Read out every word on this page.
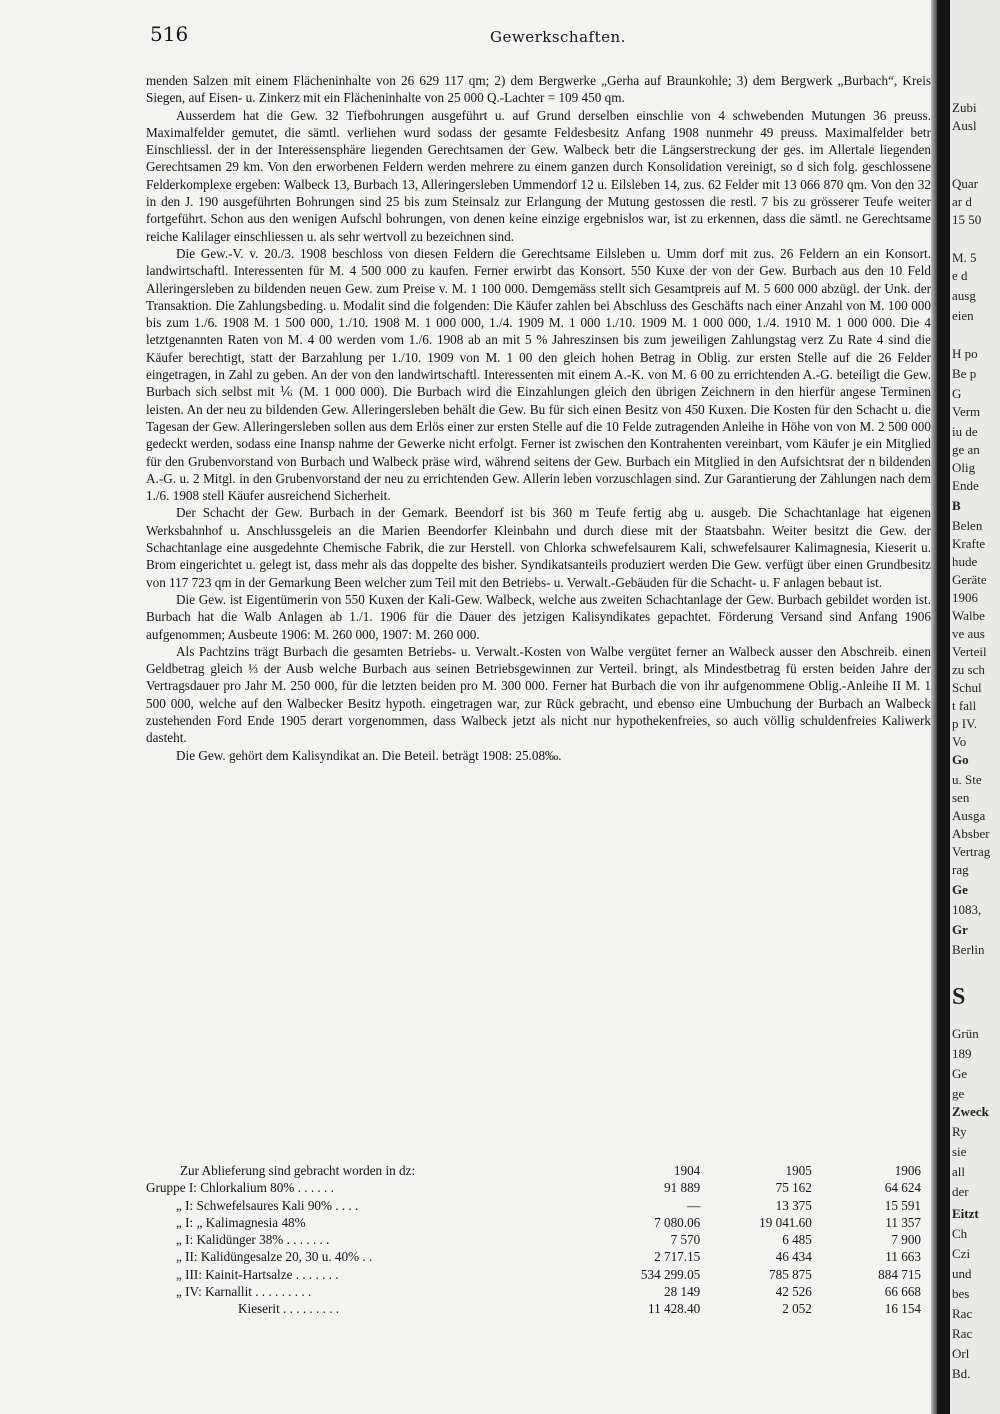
516	Gewerkschaften.

menden Salzen mit einem Flächeninhalte von 26 629 117 qm; 2) dem Bergwerke „Gerha auf Braunkohle; 3) dem Bergwerk „Burbach“, Kreis Siegen, auf Eisen- u. Zinkerz mit ein Flächeninhalte von 25 000 Q.-Lachter = 109 450 qm.

Ausserdem hat die Gew. 32 Tiefbohrungen ausgeführt u. auf Grund derselben einschlie von 4 schwebenden Mutungen 36 preuss. Maximalfelder gemutet, die sämtl. verliehen wurd sodass der gesamte Feldesbesitz Anfang 1908 nunmehr 49 preuss. Maximalfelder betr Einschliessl. der in der Interessensphäre liegenden Gerechtsamen der Gew. Walbeck betr die Längserstreckung der ges. im Allertale liegenden Gerechtsamen 29 km. Von den erworbenen Feldern werden mehrere zu einem ganzen durch Konsolidation vereinigt, so d sich folg. geschlossene Felderkomplexe ergeben: Walbeck 13, Burbach 13, Alleringersleben Ummendorf 12 u. Eilsleben 14, zus. 62 Felder mit 13 066 870 qm. Von den 32 in den J. 190 ausgeführten Bohrungen sind 25 bis zum Steinsalz zur Erlangung der Mutung gestossen die restl. 7 bis zu grösserer Teufe weiter fortgeführt. Schon aus den wenigen Aufschl bohrungen, von denen keine einzige ergebnislos war, ist zu erkennen, dass die sämtl. ne Gerechtsame reiche Kalilager einschliessen u. als sehr wertvoll zu bezeichnen sind.

Die Gew.-V. v. 20./3. 1908 beschloss von diesen Feldern die Gerechtsame Eilsleben u. Umm dorf mit zus. 26 Feldern an ein Konsort. landwirtschaftl. Interessenten für M. 4 500 000 zu kaufen. Ferner erwirbt das Konsort. 550 Kuxe der von der Gew. Burbach aus den 10 Feld Alleringersleben zu bildenden neuen Gew. zum Preise v. M. 1 100 000. Demgemäss stellt sich Gesamtpreis auf M. 5 600 000 abzügl. der Unk. der Transaktion. Die Zahlungsbeding. u. Modalit sind die folgenden: Die Käufer zahlen bei Abschluss des Geschäfts nach einer Anzahl von M. 100 000 bis zum 1./6. 1908 M. 1 500 000, 1./10. 1908 M. 1 000 000, 1./4. 1909 M. 1 000 1./10. 1909 M. 1 000 000, 1./4. 1910 M. 1 000 000. Die 4 letztgenannten Raten von M. 4 00 werden vom 1./6. 1908 ab an mit 5 % Jahreszinsen bis zum jeweiligen Zahlungstag verz Zu Rate 4 sind die Käufer berechtigt, statt der Barzahlung per 1./10. 1909 von M. 1 00 den gleich hohen Betrag in Oblig. zur ersten Stelle auf die 26 Felder eingetragen, in Zahl zu geben. An der von den landwirtschaftl. Interessenten mit einem A.-K. von M. 6 00 zu errichtenden A.-G. beteiligt die Gew. Burbach sich selbst mit ⅙ (M. 1 000 000). Die Burbach wird die Einzahlungen gleich den übrigen Zeichnern in den hierfür angese Terminen leisten. An der neu zu bildenden Gew. Alleringersleben behält die Gew. Bu für sich einen Besitz von 450 Kuxen. Die Kosten für den Schacht u. die Tagesan der Gew. Alleringersleben sollen aus dem Erlös einer zur ersten Stelle auf die 10 Felde zutragenden Anleihe in Höhe von von M. 2 500 000 gedeckt werden, sodass eine Inansp nahme der Gewerke nicht erfolgt. Ferner ist zwischen den Kontrahenten vereinbart, vom Käufer je ein Mitglied für den Grubenvorstand von Burbach und Walbeck präse wird, während seitens der Gew. Burbach ein Mitglied in den Aufsichtsrat der n bildenden A.-G. u. 2 Mitgl. in den Grubenvorstand der neu zu errichtenden Gew. Allerin leben vorzuschlagen sind. Zur Garantierung der Zahlungen nach dem 1./6. 1908 stell Käufer ausreichend Sicherheit.

Der Schacht der Gew. Burbach in der Gemark. Beendorf ist bis 360 m Teufe fertig abg u. ausgeb. Die Schachtanlage hat eigenen Werksbahnhof u. Anschlussgeleis an die Marien Beendorfer Kleinbahn und durch diese mit der Staatsbahn. Weiter besitzt die Gew. der Schachtanlage eine ausgedehnte Chemische Fabrik, die zur Herstell. von Chlorka schwefelsaurem Kali, schwefelsaurer Kalimagnesia, Kieserit u. Brom eingerichtet u. gelegt ist, dass mehr als das doppelte des bisher. Syndikatsanteils produziert werden Die Gew. verfügt über einen Grundbesitz von 117 723 qm in der Gemarkung Been welcher zum Teil mit den Betriebs- u. Verwalt.-Gebäuden für die Schacht- u. F anlagen bebaut ist.

Die Gew. ist Eigentümerin von 550 Kuxen der Kali-Gew. Walbeck, welche aus zweiten Schachtanlage der Gew. Burbach gebildet worden ist. Burbach hat die Walb Anlagen ab 1./1. 1906 für die Dauer des jetzigen Kalisyndikates gepachtet. Förderung Versand sind Anfang 1906 aufgenommen; Ausbeute 1906: M. 260 000, 1907: M. 260 000.

Als Pachtzins trägt Burbach die gesamten Betriebs- u. Verwalt.-Kosten von Walbe vergütet ferner an Walbeck ausser den Abschreib. einen Geldbetrag gleich ⅓ der Ausb welche Burbach aus seinen Betriebsgewinnen zur Verteil. bringt, als Mindestbetrag fü ersten beiden Jahre der Vertragsdauer pro Jahr M. 250 000, für die letzten beiden pro M. 300 000. Ferner hat Burbach die von ihr aufgenommene Oblig.-Anleihe II M. 1 500 000, welche auf den Walbecker Besitz hypoth. eingetragen war, zur Rück gebracht, und ebenso eine Umbuchung der Burbach an Walbeck zustehenden Ford Ende 1905 derart vorgenommen, dass Walbeck jetzt als nicht nur hypothekenfreies, so auch völlig schuldenfreies Kaliwerk dasteht.

Die Gew. gehört dem Kalisyndikat an. Die Beteil. beträgt 1908: 25.08‰.

Zur Ablieferung sind gebracht worden in dz:	1904	1905	1906
Gruppe I: Chlorkalium 80% . . . . . .	91 889	75 162	64 624
„ I: Schwefelsaures Kali 90% . . . .	—	13 375	15 591
„ I: „ Kalimagnesia 48%	7 080.06	19 041.60	11 357
„ I: Kalidünger 38% . . . . . . .	7 570	6 485	7 900
„ II: Kalidüngesalze 20, 30 u. 40% . .	2 717.15	46 434	11 663
„ III: Kainit-Hartsalze . . . . . . .	534 299.05	785 875	884 715
„ IV: Karnallit . . . . . . . . .	28 149	42 526	66 668
Kieserit . . . . . . . . .	11 428.40	2 052	16 154
Zubi
Ausl
Quar
ar d
15 50
M. 5
e d
ausg
eien
H po
Be p
G
Verm
iu de
ge an
Olig
Ende
B
Belen
Krafte
hude
Geräte
1906
Walbe
ve aus
Verteil
zu sch
Schul
t fall
p IV.
Vo
Go
u. Ste
sen
Ausga
Absber
Vertrag
rag
Ge
1083,
Gr
Berlin
S
Grün
189
Ge
ge
Zweck
Ry
sie
all
der
Eitzt
Ch
Czi
und
bes
Rac
Rac
Orl
Bd.
